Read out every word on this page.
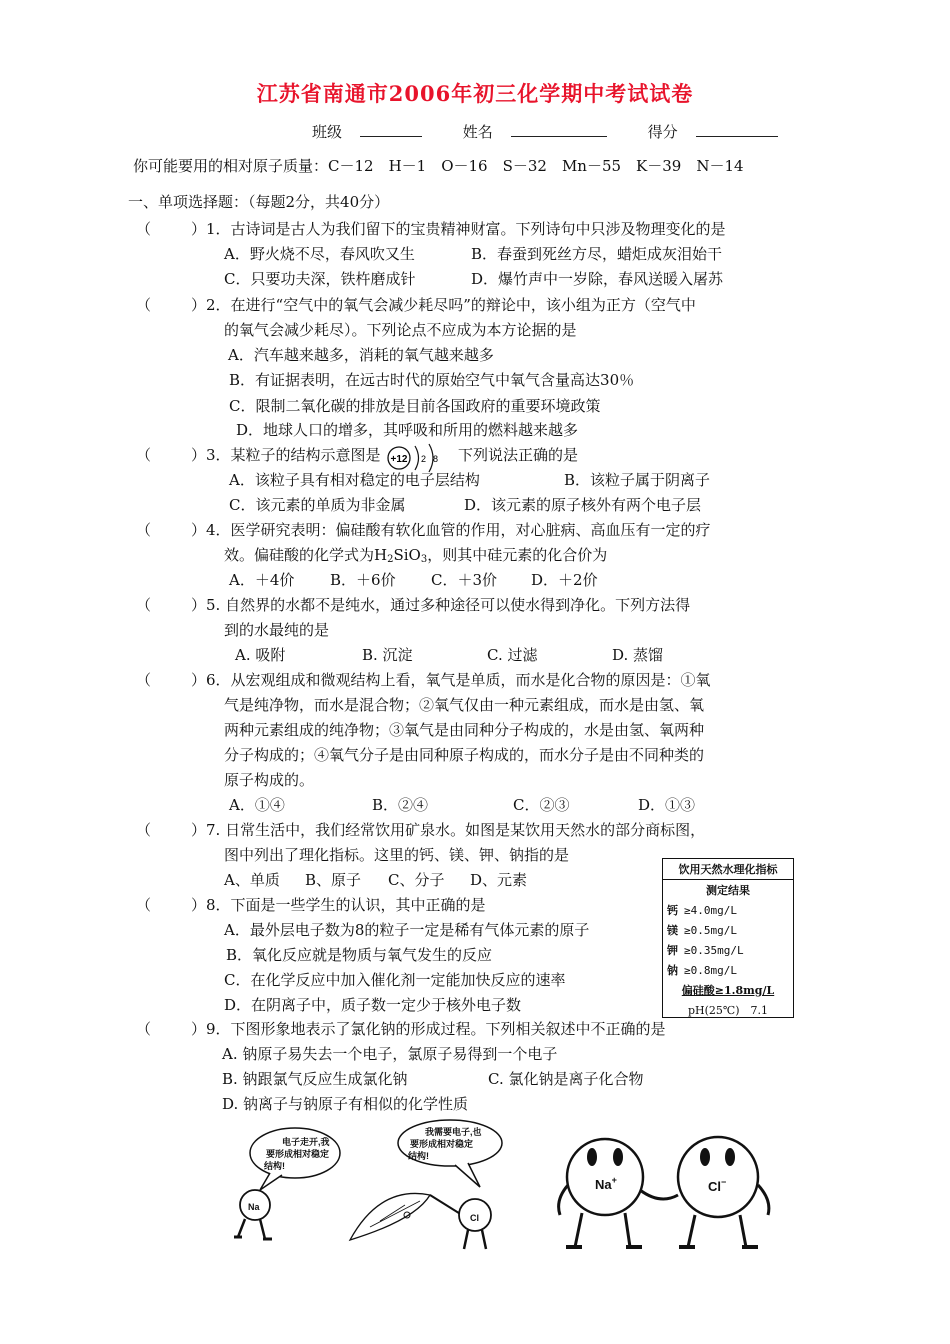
江苏省南通市2006年初三化学期中考试试卷
班级	姓名	得分
你可能要用的相对原子质量：C－12　H－1　O－16　S－32　Mn－55　K－39　N－14
一、单项选择题：（每题2分，共40分）
（　　 ）1．古诗词是古人为我们留下的宝贵精神财富。下列诗句中只涉及物理变化的是
A．野火烧不尽，春风吹又生	B．春蚕到死丝方尽，蜡炬成灰泪始干
C．只要功夫深，铁杵磨成针	D．爆竹声中一岁除，春风送暖入屠苏
（　　 ）2．在进行“空气中的氧气会减少耗尽吗”的辩论中，该小组为正方（空气中
的氧气会减少耗尽）。下列论点不应成为本方论据的是
A．汽车越来越多，消耗的氧气越来越多
B．有证据表明，在远古时代的原始空气中氧气含量高达30％
C．限制二氧化碳的排放是目前各国政府的重要环境政策
D．地球人口的增多，其呼吸和所用的燃料越来越多
（　　 ）3．某粒子的结构示意图是 +12 2 8 下列说法正确的是
A．该粒子具有相对稳定的电子层结构	B．该粒子属于阴离子
C．该元素的单质为非金属	D．该元素的原子核外有两个电子层
（　　 ）4．医学研究表明：偏硅酸有软化血管的作用，对心脏病、高血压有一定的疗
效。偏硅酸的化学式为$H_2SiO_3$，则其中硅元素的化合价为
A．＋4价 B．＋6价 C．＋3价 D．＋2价
（　　 ）5. 自然界的水都不是纯水，通过多种途径可以使水得到净化。下列方法得
到的水最纯的是
A. 吸附	B. 沉淀	C. 过滤	D. 蒸馏
（　　 ）6．从宏观组成和微观结构上看，氧气是单质，而水是化合物的原因是：①氧
气是纯净物，而水是混合物；②氧气仅由一种元素组成，而水是由氢、氧
两种元素组成的纯净物；③氧气是由同种分子构成的，水是由氢、氧两种
分子构成的；④氧气分子是由同种原子构成的，而水分子是由不同种类的
原子构成的。
A．①④	B．②④	C．②③	D．①③
（　　 ）7. 日常生活中，我们经常饮用矿泉水。如图是某饮用天然水的部分商标图，
图中列出了理化指标。这里的钙、镁、钾、钠指的是
A、单质 B、原子 C、分子 D、元素
饮用天然水理化指标
测定结果
钙 ≥4.0mg/L
镁 ≥0.5mg/L
钾 ≥0.35mg/L
钠 ≥0.8mg/L
偏硅酸≥1.8mg/L
pH(25℃)　7.1
（　　 ）8．下面是一些学生的认识，其中正确的是
A．最外层电子数为8的粒子一定是稀有气体元素的原子
B．氧化反应就是物质与氧气发生的反应
C．在化学反应中加入催化剂一定能加快反应的速率
D．在阴离子中，质子数一定少于核外电子数
（　　 ）9．下图形象地表示了氯化钠的形成过程。下列相关叙述中不正确的是
A. 钠原子易失去一个电子，氯原子易得到一个电子
B. 钠跟氯气反应生成氯化钠	C. 氯化钠是离子化合物
D. 钠离子与钠原子有相似的化学性质
电子走开,我
要形成相对稳定
结构!
Na
我需要电子,也
要形成相对稳定
结构!
Cl
Na+	Cl−
